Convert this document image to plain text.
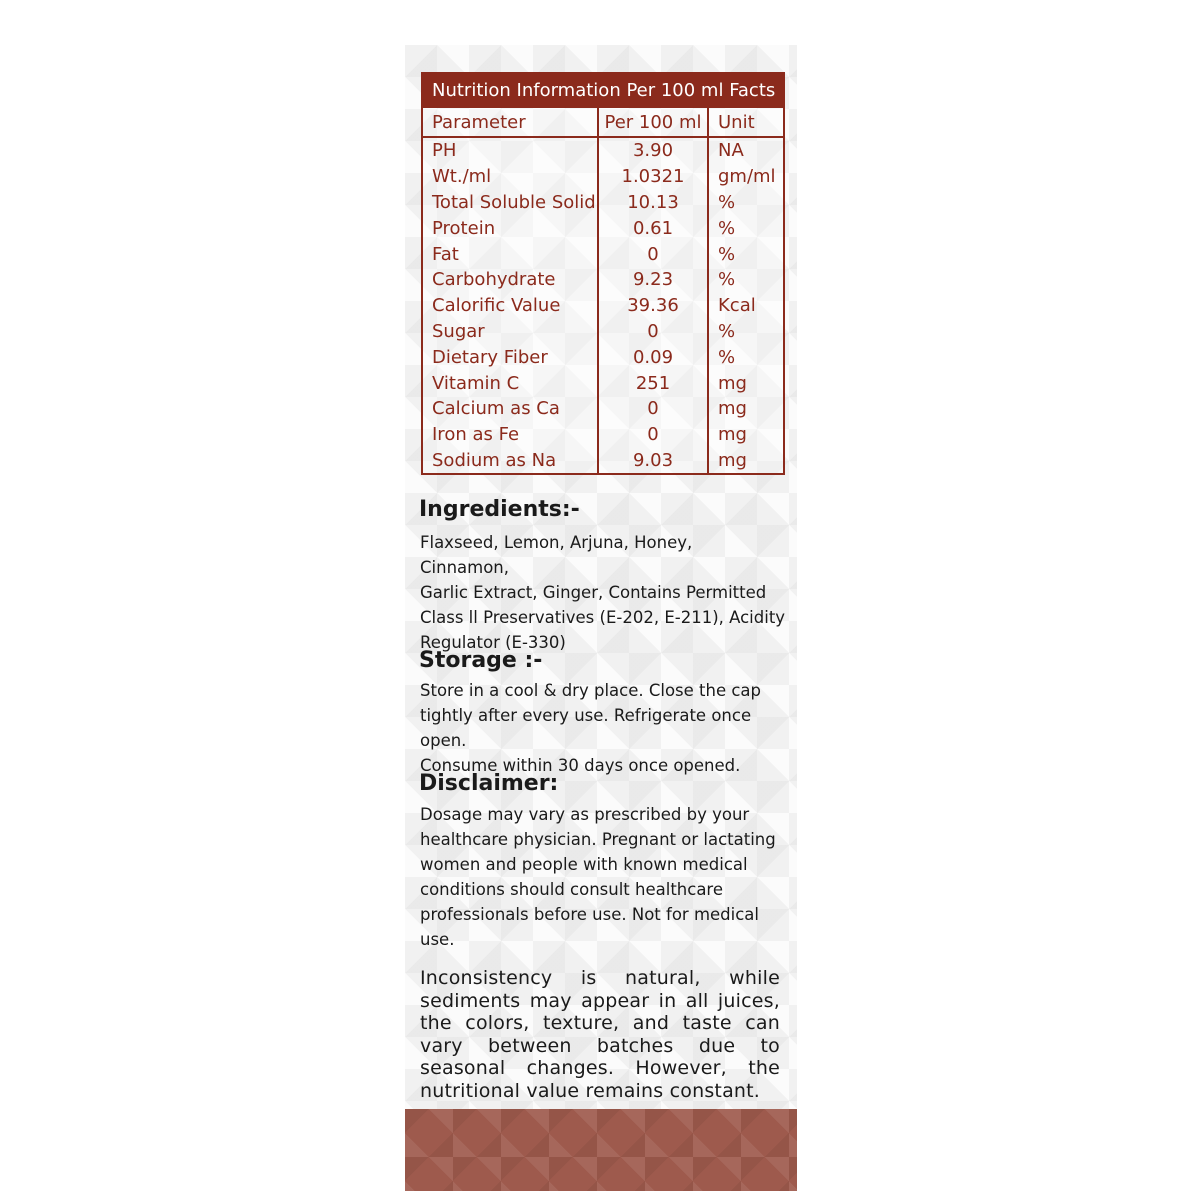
Nutrition Information Per 100 ml Facts
Parameter	Per 100 ml	Unit
PH	3.90	NA
Wt./ml	1.0321	gm/ml
Total Soluble Solid	10.13	%
Protein	0.61	%
Fat	0	%
Carbohydrate	9.23	%
Calorific Value	39.36	Kcal
Sugar	0	%
Dietary Fiber	0.09	%
Vitamin C	251	mg
Calcium as Ca	0	mg
Iron as Fe	0	mg
Sodium as Na	9.03	mg
Ingredients:-
Flaxseed, Lemon, Arjuna, Honey, Cinnamon,
Garlic Extract, Ginger, Contains Permitted
Class ll Preservatives (E-202, E-211), Acidity
Regulator (E-330)
Storage :-
Store in a cool & dry place. Close the cap
tightly after every use. Refrigerate once open.
Consume within 30 days once opened.
Disclaimer:
Dosage may vary as prescribed by your
healthcare physician. Pregnant or lactating
women and people with known medical
conditions should consult healthcare
professionals before use. Not for medical
use.
Inconsistency is natural, while sediments may appear in all juices, the colors, texture, and taste can vary between batches due to seasonal changes. However, the nutritional value remains constant.
